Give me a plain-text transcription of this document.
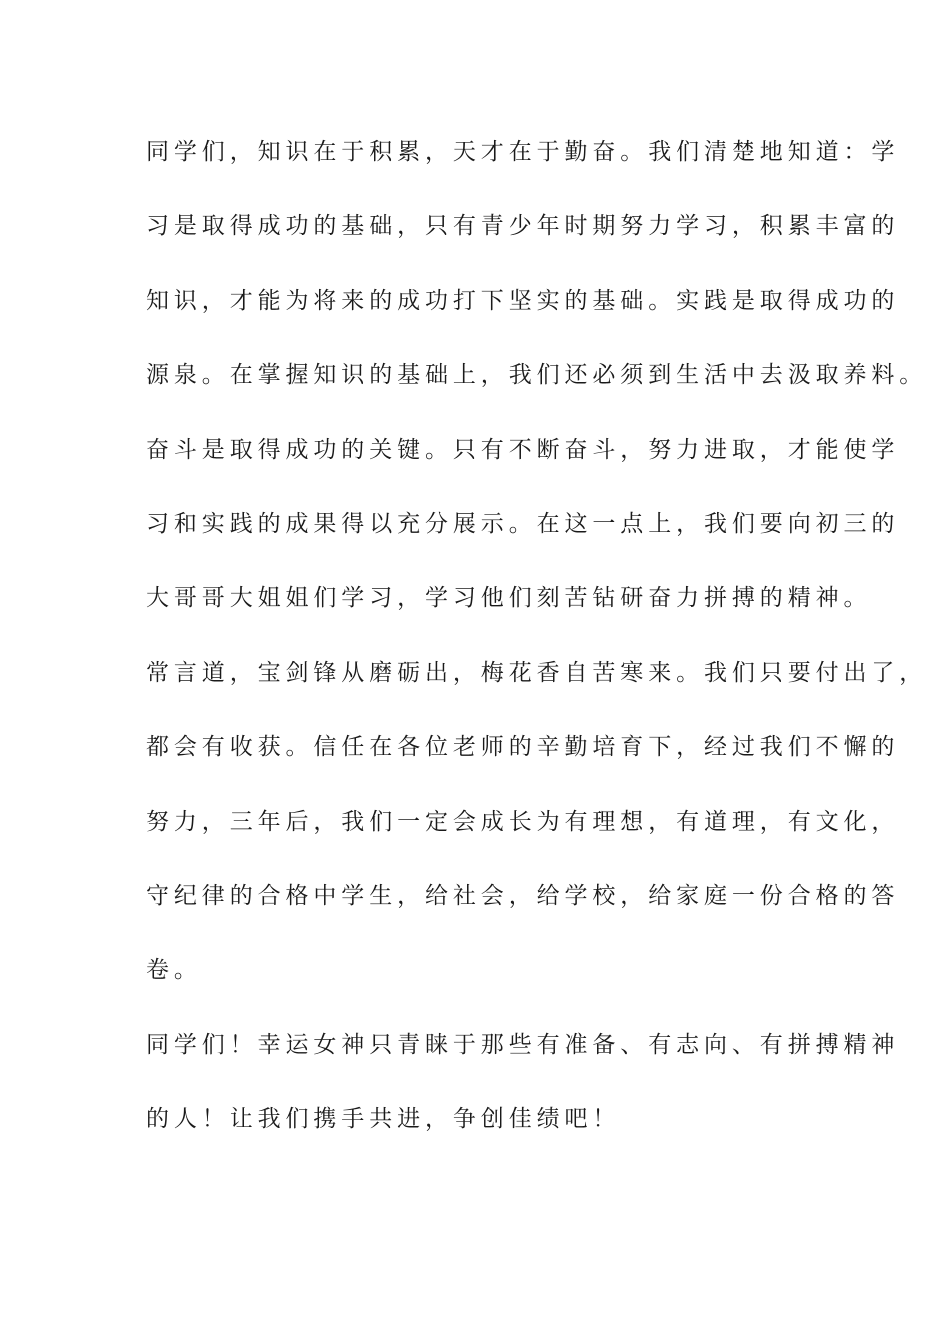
同学们，知识在于积累，天才在于勤奋。我们清楚地知道：学
习是取得成功的基础，只有青少年时期努力学习，积累丰富的
知识，才能为将来的成功打下坚实的基础。实践是取得成功的
源泉。在掌握知识的基础上，我们还必须到生活中去汲取养料。
奋斗是取得成功的关键。只有不断奋斗，努力进取，才能使学
习和实践的成果得以充分展示。在这一点上，我们要向初三的
大哥哥大姐姐们学习，学习他们刻苦钻研奋力拼搏的精神。
常言道，宝剑锋从磨砺出，梅花香自苦寒来。我们只要付出了，
都会有收获。信任在各位老师的辛勤培育下，经过我们不懈的
努力，三年后，我们一定会成长为有理想，有道理，有文化，
守纪律的合格中学生，给社会，给学校，给家庭一份合格的答
卷。
同学们！幸运女神只青睐于那些有准备、有志向、有拼搏精神
的人！让我们携手共进，争创佳绩吧！
